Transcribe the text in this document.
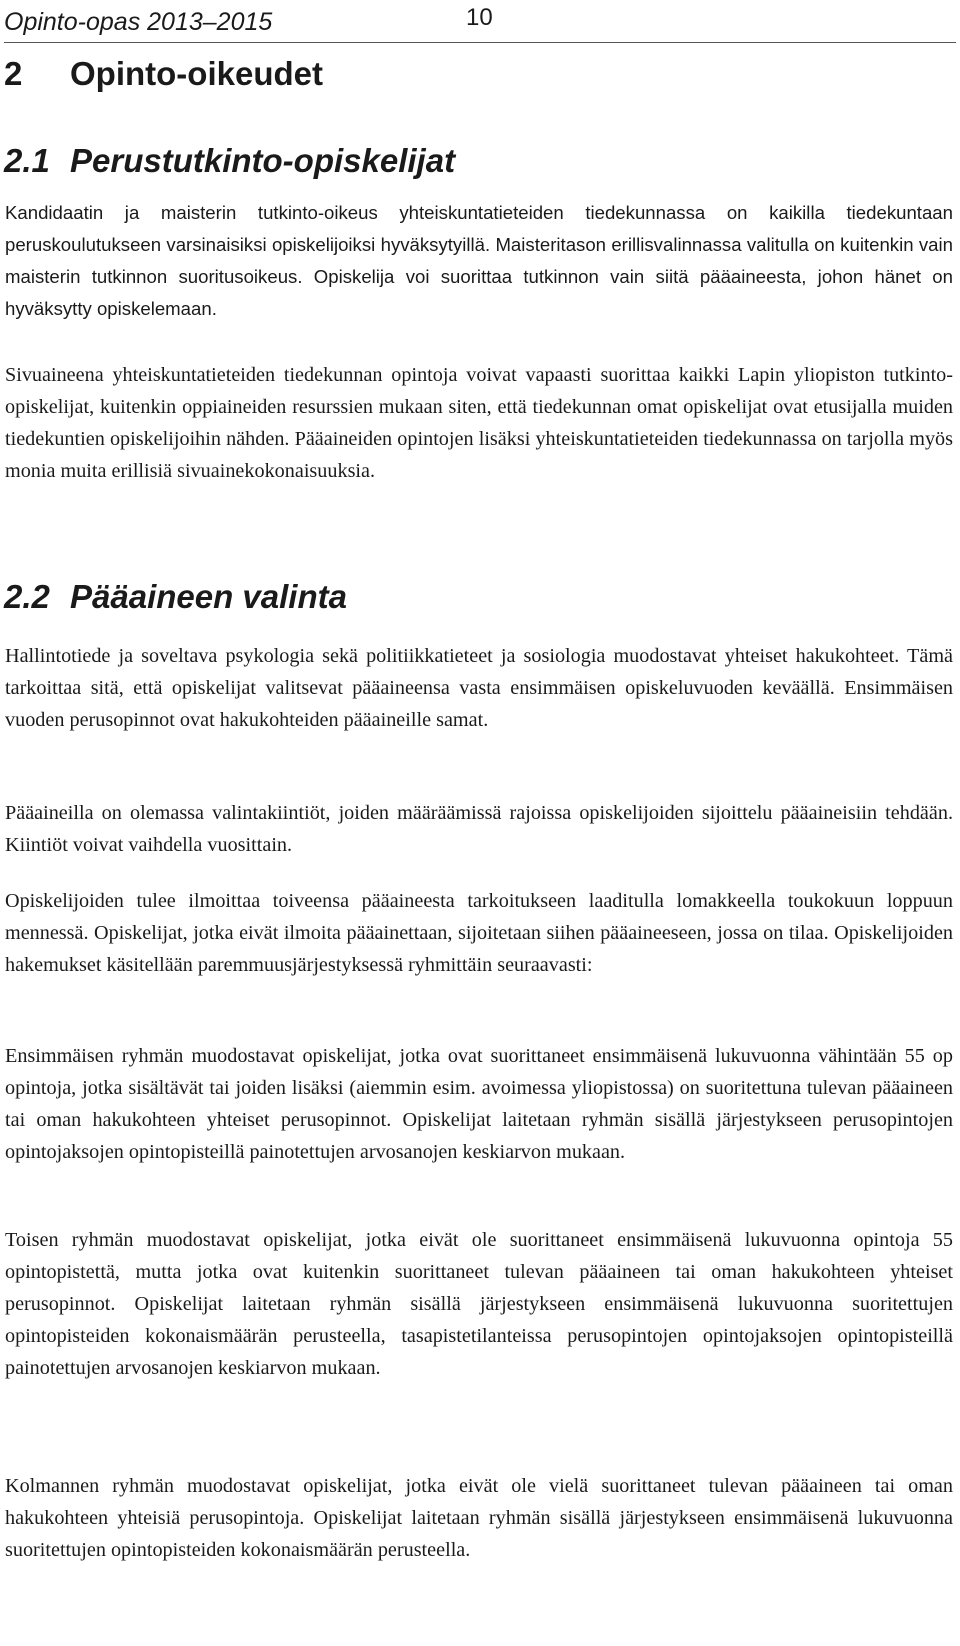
Opinto-opas 2013–2015	10
2 Opinto-oikeudet
2.1 Perustutkinto-opiskelijat

Kandidaatin ja maisterin tutkinto-oikeus yhteiskuntatieteiden tiedekunnassa on kaikilla tiedekuntaan peruskoulutukseen varsinaisiksi opiskelijoiksi hyväksytyillä. Maisteritason erillisvalinnassa valitulla on kuitenkin vain maisterin tutkinnon suoritusoikeus. Opiskelija voi suorittaa tutkinnon vain siitä pääaineesta, johon hänet on hyväksytty opiskelemaan.

Sivuaineena yhteiskuntatieteiden tiedekunnan opintoja voivat vapaasti suorittaa kaikki Lapin yliopiston tutkinto-opiskelijat, kuitenkin oppiaineiden resurssien mukaan siten, että tiedekunnan omat opiskelijat ovat etusijalla muiden tiedekuntien opiskelijoihin nähden. Pääaineiden opintojen lisäksi yhteiskuntatieteiden tiedekunnassa on tarjolla myös monia muita erillisiä sivuainekokonaisuuksia.

2.2 Pääaineen valinta

Hallintotiede ja soveltava psykologia sekä politiikkatieteet ja sosiologia muodostavat yhteiset hakukohteet. Tämä tarkoittaa sitä, että opiskelijat valitsevat pääaineensa vasta ensimmäisen opiskeluvuoden keväällä. Ensimmäisen vuoden perusopinnot ovat hakukohteiden pääaineille samat.

Pääaineilla on olemassa valintakiintiöt, joiden määräämissä rajoissa opiskelijoiden sijoittelu pääaineisiin tehdään. Kiintiöt voivat vaihdella vuosittain.

Opiskelijoiden tulee ilmoittaa toiveensa pääaineesta tarkoitukseen laaditulla lomakkeella toukokuun loppuun mennessä. Opiskelijat, jotka eivät ilmoita pääainettaan, sijoitetaan siihen pääaineeseen, jossa on tilaa. Opiskelijoiden hakemukset käsitellään paremmuusjärjestyksessä ryhmittäin seuraavasti:

Ensimmäisen ryhmän muodostavat opiskelijat, jotka ovat suorittaneet ensimmäisenä lukuvuonna vähintään 55 op opintoja, jotka sisältävät tai joiden lisäksi (aiemmin esim. avoimessa yliopistossa) on suoritettuna tulevan pääaineen tai oman hakukohteen yhteiset perusopinnot. Opiskelijat laitetaan ryhmän sisällä järjestykseen perusopintojen opintojaksojen opintopisteillä painotettujen arvosanojen keskiarvon mukaan.

Toisen ryhmän muodostavat opiskelijat, jotka eivät ole suorittaneet ensimmäisenä lukuvuonna opintoja 55 opintopistettä, mutta jotka ovat kuitenkin suorittaneet tulevan pääaineen tai oman hakukohteen yhteiset perusopinnot. Opiskelijat laitetaan ryhmän sisällä järjestykseen ensimmäisenä lukuvuonna suoritettujen opintopisteiden kokonaismäärän perusteella, tasapistetilanteissa perusopintojen opintojaksojen opintopisteillä painotettujen arvosanojen keskiarvon mukaan.

Kolmannen ryhmän muodostavat opiskelijat, jotka eivät ole vielä suorittaneet tulevan pääaineen tai oman hakukohteen yhteisiä perusopintoja. Opiskelijat laitetaan ryhmän sisällä järjestykseen ensimmäisenä lukuvuonna suoritettujen opintopisteiden kokonaismäärän perusteella.
